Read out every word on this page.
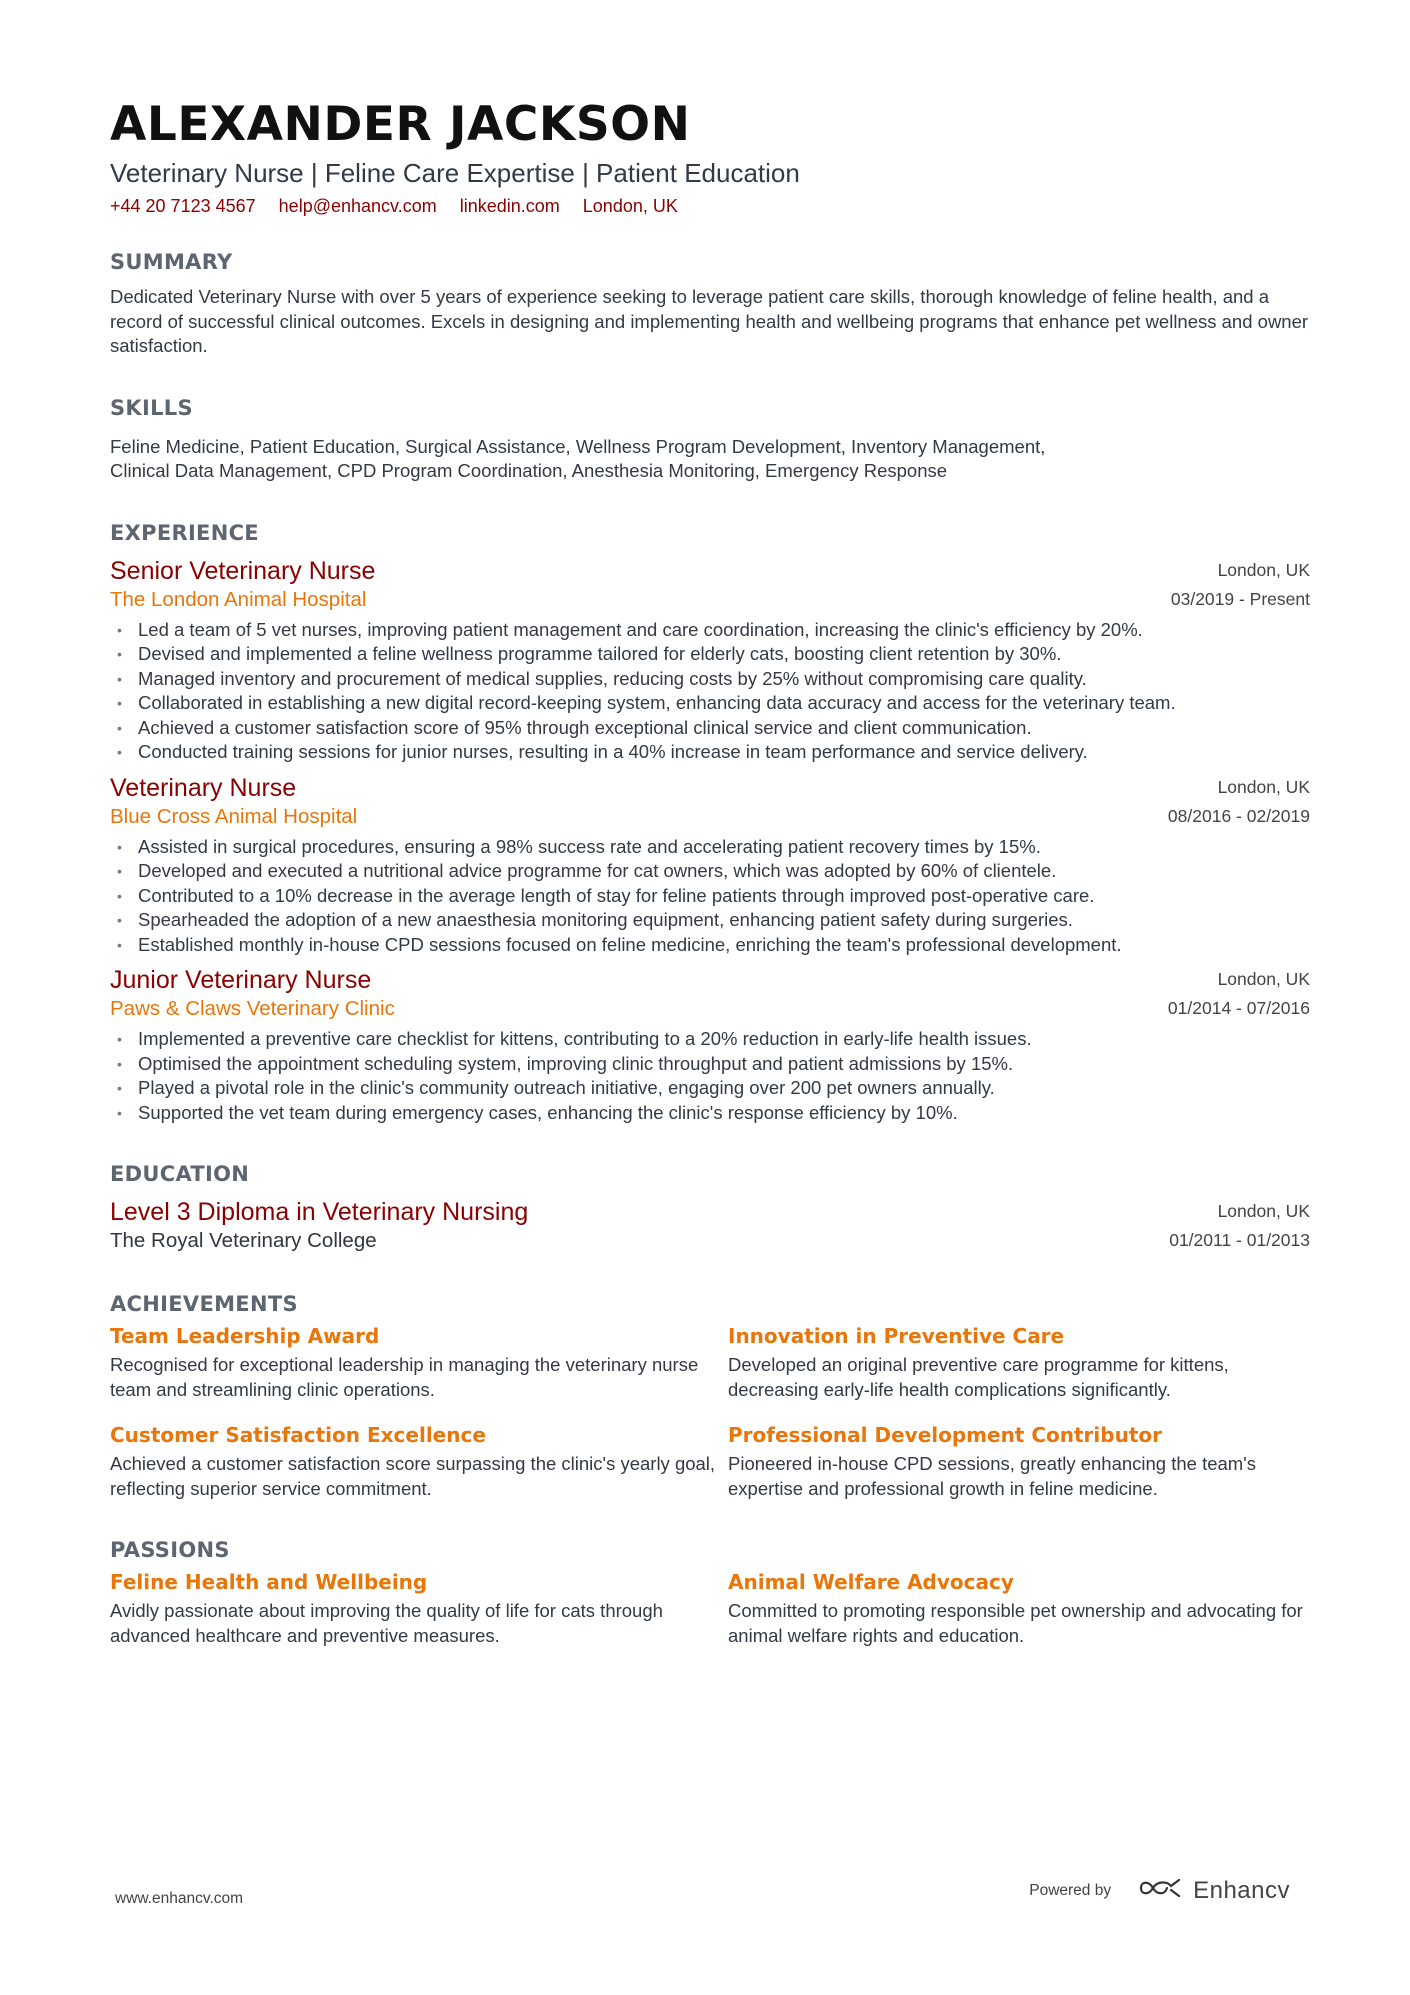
ALEXANDER JACKSON
Veterinary Nurse | Feline Care Expertise | Patient Education
+44 20 7123 4567 help@enhancv.com linkedin.com London, UK
SUMMARY
Dedicated Veterinary Nurse with over 5 years of experience seeking to leverage patient care skills, thorough knowledge of feline health, and a record of successful clinical outcomes. Excels in designing and implementing health and wellbeing programs that enhance pet wellness and owner satisfaction.
SKILLS
Feline Medicine, Patient Education, Surgical Assistance, Wellness Program Development, Inventory Management,
Clinical Data Management, CPD Program Coordination, Anesthesia Monitoring, Emergency Response
EXPERIENCE
Senior Veterinary Nurse
The London Animal Hospital
London, UK
03/2019 - Present
• Led a team of 5 vet nurses, improving patient management and care coordination, increasing the clinic's efficiency by 20%.
• Devised and implemented a feline wellness programme tailored for elderly cats, boosting client retention by 30%.
• Managed inventory and procurement of medical supplies, reducing costs by 25% without compromising care quality.
• Collaborated in establishing a new digital record-keeping system, enhancing data accuracy and access for the veterinary team.
• Achieved a customer satisfaction score of 95% through exceptional clinical service and client communication.
• Conducted training sessions for junior nurses, resulting in a 40% increase in team performance and service delivery.
Veterinary Nurse
Blue Cross Animal Hospital
London, UK
08/2016 - 02/2019
• Assisted in surgical procedures, ensuring a 98% success rate and accelerating patient recovery times by 15%.
• Developed and executed a nutritional advice programme for cat owners, which was adopted by 60% of clientele.
• Contributed to a 10% decrease in the average length of stay for feline patients through improved post-operative care.
• Spearheaded the adoption of a new anaesthesia monitoring equipment, enhancing patient safety during surgeries.
• Established monthly in-house CPD sessions focused on feline medicine, enriching the team's professional development.
Junior Veterinary Nurse
Paws & Claws Veterinary Clinic
London, UK
01/2014 - 07/2016
• Implemented a preventive care checklist for kittens, contributing to a 20% reduction in early-life health issues.
• Optimised the appointment scheduling system, improving clinic throughput and patient admissions by 15%.
• Played a pivotal role in the clinic's community outreach initiative, engaging over 200 pet owners annually.
• Supported the vet team during emergency cases, enhancing the clinic's response efficiency by 10%.
EDUCATION
Level 3 Diploma in Veterinary Nursing
The Royal Veterinary College
London, UK
01/2011 - 01/2013
ACHIEVEMENTS
Team Leadership Award
Recognised for exceptional leadership in managing the veterinary nurse team and streamlining clinic operations.
Innovation in Preventive Care
Developed an original preventive care programme for kittens, decreasing early-life health complications significantly.
Customer Satisfaction Excellence
Achieved a customer satisfaction score surpassing the clinic's yearly goal, reflecting superior service commitment.
Professional Development Contributor
Pioneered in-house CPD sessions, greatly enhancing the team's expertise and professional growth in feline medicine.
PASSIONS
Feline Health and Wellbeing
Avidly passionate about improving the quality of life for cats through advanced healthcare and preventive measures.
Animal Welfare Advocacy
Committed to promoting responsible pet ownership and advocating for animal welfare rights and education.
www.enhancv.com	Powered by	Enhancv
